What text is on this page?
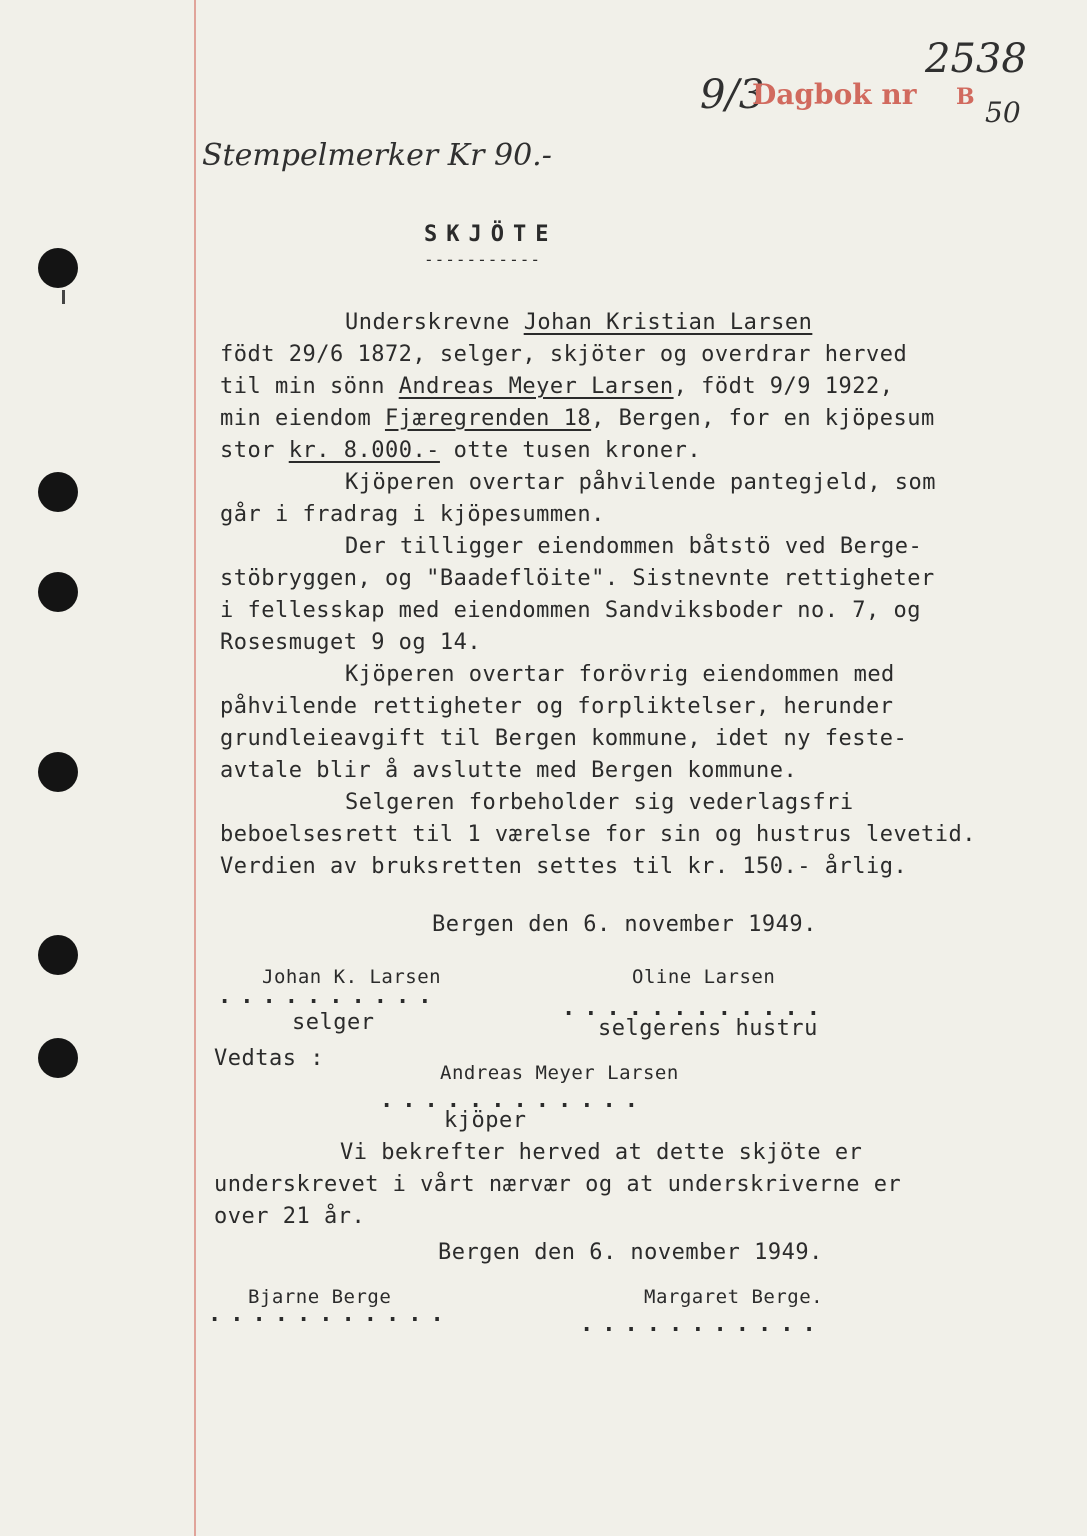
9/3
Dagbok nr
2538
B 50
Stempelmerker Kr 90.-
SKJÖTE
-----------
Underskrevne Johan Kristian Larsen
födt 29/6 1872, selger, skjöter og overdrar herved
til min sönn Andreas Meyer Larsen, födt 9/9 1922,
min eiendom Fjæregrenden 18, Bergen, for en kjöpesum
stor kr. 8.000.- otte tusen kroner.
Kjöperen overtar påhvilende pantegjeld, som
går i fradrag i kjöpesummen.
Der tilligger eiendommen båtstö ved Berge-
stöbryggen, og "Baadeflöite". Sistnevnte rettigheter
i fellesskap med eiendommen Sandviksboder no. 7, og
Rosesmuget 9 og 14.
Kjöperen overtar forövrig eiendommen med
påhvilende rettigheter og forpliktelser, herunder
grundleieavgift til Bergen kommune, idet ny feste-
avtale blir å avslutte med Bergen kommune.
Selgeren forbeholder sig vederlagsfri
beboelsesrett til 1 værelse for sin og hustrus levetid.
Verdien av bruksretten settes til kr. 150.- årlig.
Bergen den 6. november 1949.
Johan K. Larsen
..........
selger
Oline Larsen
............
selgerens hustru
Vedtas :
Andreas Meyer Larsen
............
kjöper
Vi bekrefter herved at dette skjöte er
underskrevet i vårt nærvær og at underskriverne er
over 21 år.
Bergen den 6. november 1949.
Bjarne Berge
...........
Margaret Berge.
...........
